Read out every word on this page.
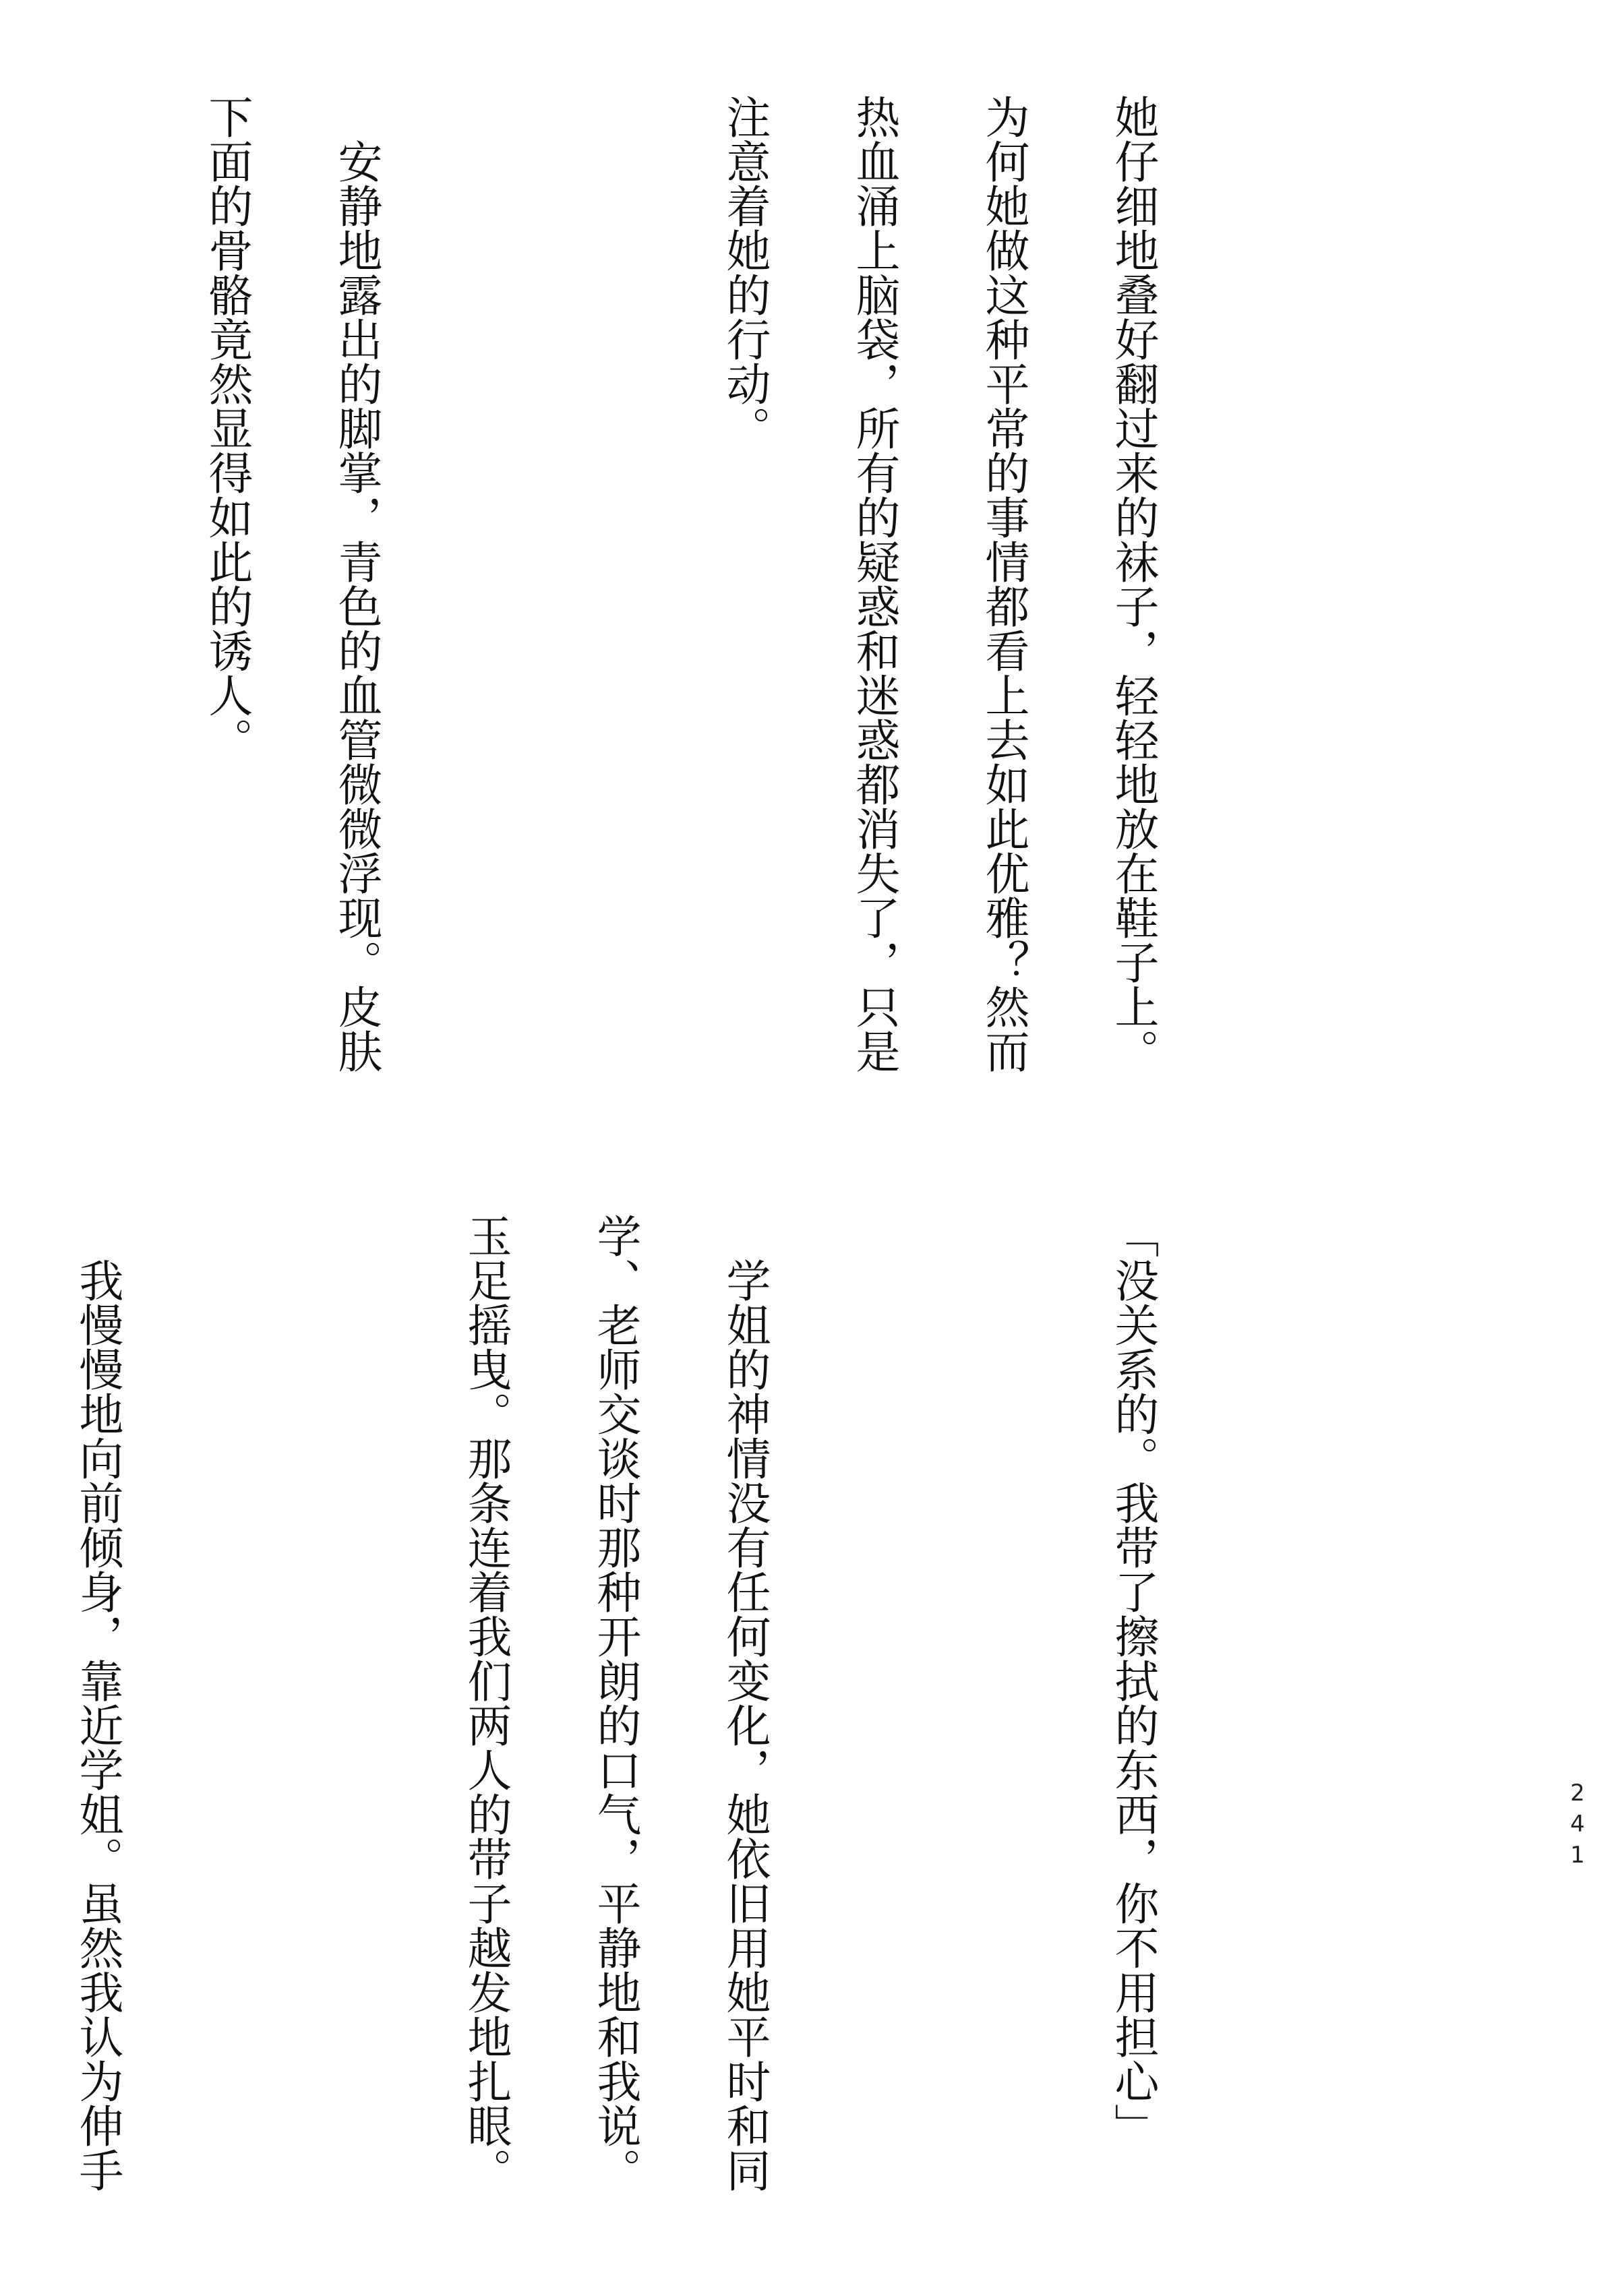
她仔细地叠好翻过来的袜子，轻轻地放在鞋子上。为何她做这种平常的事情都看上去如此优雅？然而热血涌上脑袋，所有的疑惑和迷惑都消失了，只是注意着她的行动。

　安静地露出的脚掌，青色的血管微微浮现。皮肤下面的骨骼竟然显得如此的诱人。

「没关系的。我带了擦拭的东西，你不用担心」

　学姐的神情没有任何变化，她依旧用她平时和同学、老师交谈时那种开朗的口气，平静地和我说。玉足摇曳。那条连着我们两人的带子越发地扎眼。

　我慢慢地向前倾身，靠近学姐。虽然我认为伸手

241
